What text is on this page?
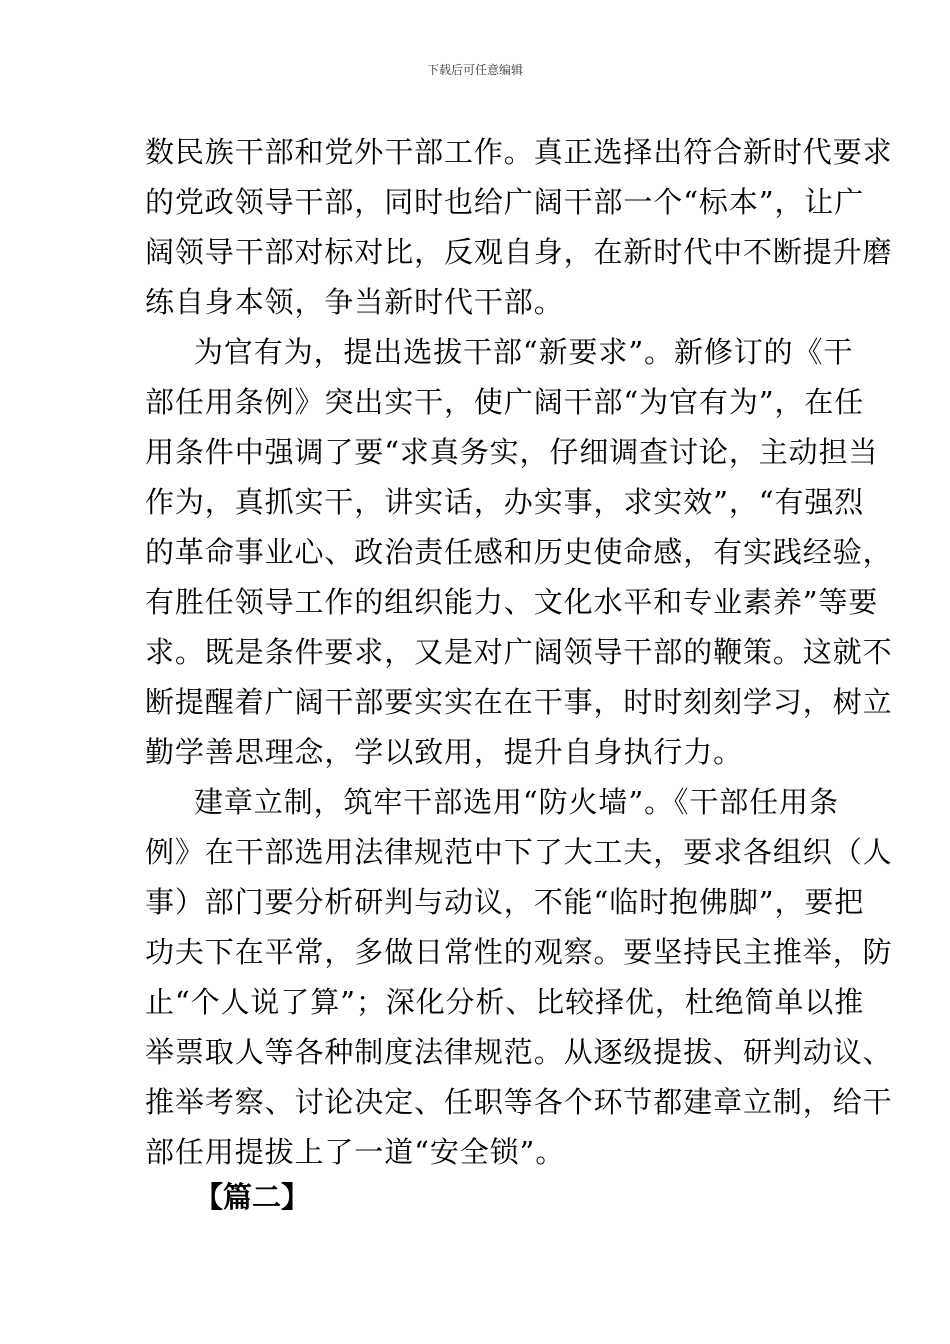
下载后可任意编辑
数民族干部和党外干部工作。真正选择出符合新时代要求
的党政领导干部，同时也给广阔干部一个“标本”，让广
阔领导干部对标对比，反观自身，在新时代中不断提升磨
练自身本领，争当新时代干部。
为官有为，提出选拔干部“新要求”。新修订的《干
部任用条例》突出实干，使广阔干部“为官有为”，在任
用条件中强调了要“求真务实，仔细调查讨论，主动担当
作为，真抓实干，讲实话，办实事，求实效”，“有强烈
的革命事业心、政治责任感和历史使命感，有实践经验，
有胜任领导工作的组织能力、文化水平和专业素养”等要
求。既是条件要求，又是对广阔领导干部的鞭策。这就不
断提醒着广阔干部要实实在在干事，时时刻刻学习，树立
勤学善思理念，学以致用，提升自身执行力。
建章立制，筑牢干部选用“防火墙”。《干部任用条
例》在干部选用法律规范中下了大工夫，要求各组织（人
事）部门要分析研判与动议，不能“临时抱佛脚”，要把
功夫下在平常，多做日常性的观察。要坚持民主推举，防
止“个人说了算”；深化分析、比较择优，杜绝简单以推
举票取人等各种制度法律规范。从逐级提拔、研判动议、
推举考察、讨论决定、任职等各个环节都建章立制，给干
部任用提拔上了一道“安全锁”。
【篇二】
